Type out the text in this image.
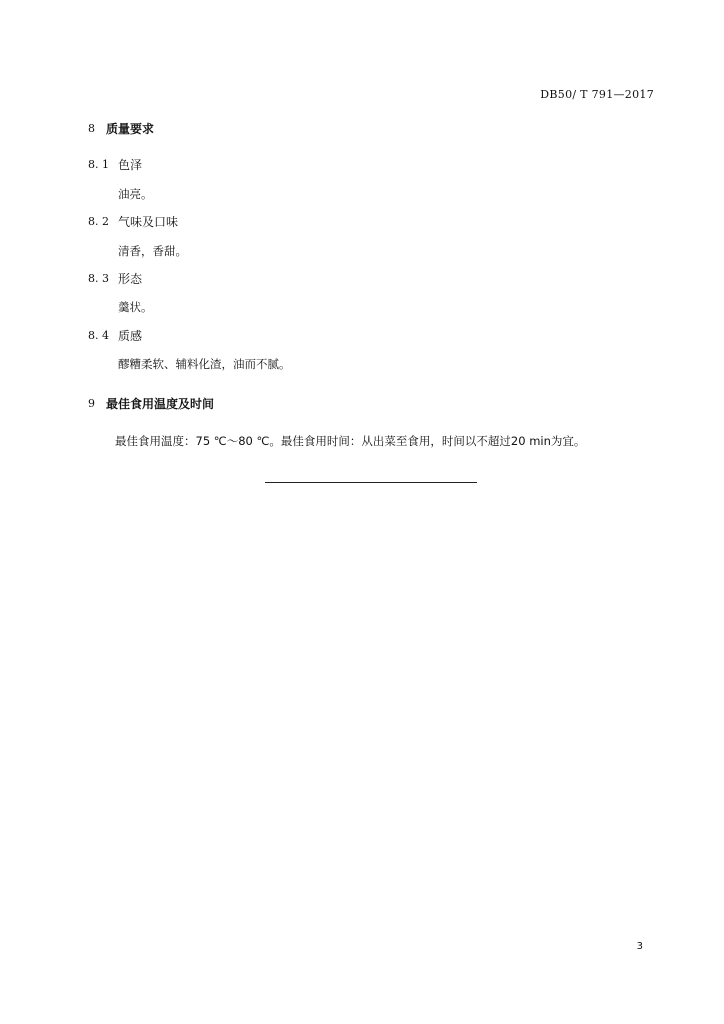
DB50/ T 791—2017
8 质量要求
8. 1 色泽
油亮。
8. 2 气味及口味
清香，香甜。
8. 3 形态
羹状。
8. 4 质感
醪糟柔软、辅料化渣，油而不腻。
9 最佳食用温度及时间
最佳食用温度：75 ℃～80 ℃。最佳食用时间：从出菜至食用，时间以不超过20 min为宜。
3
